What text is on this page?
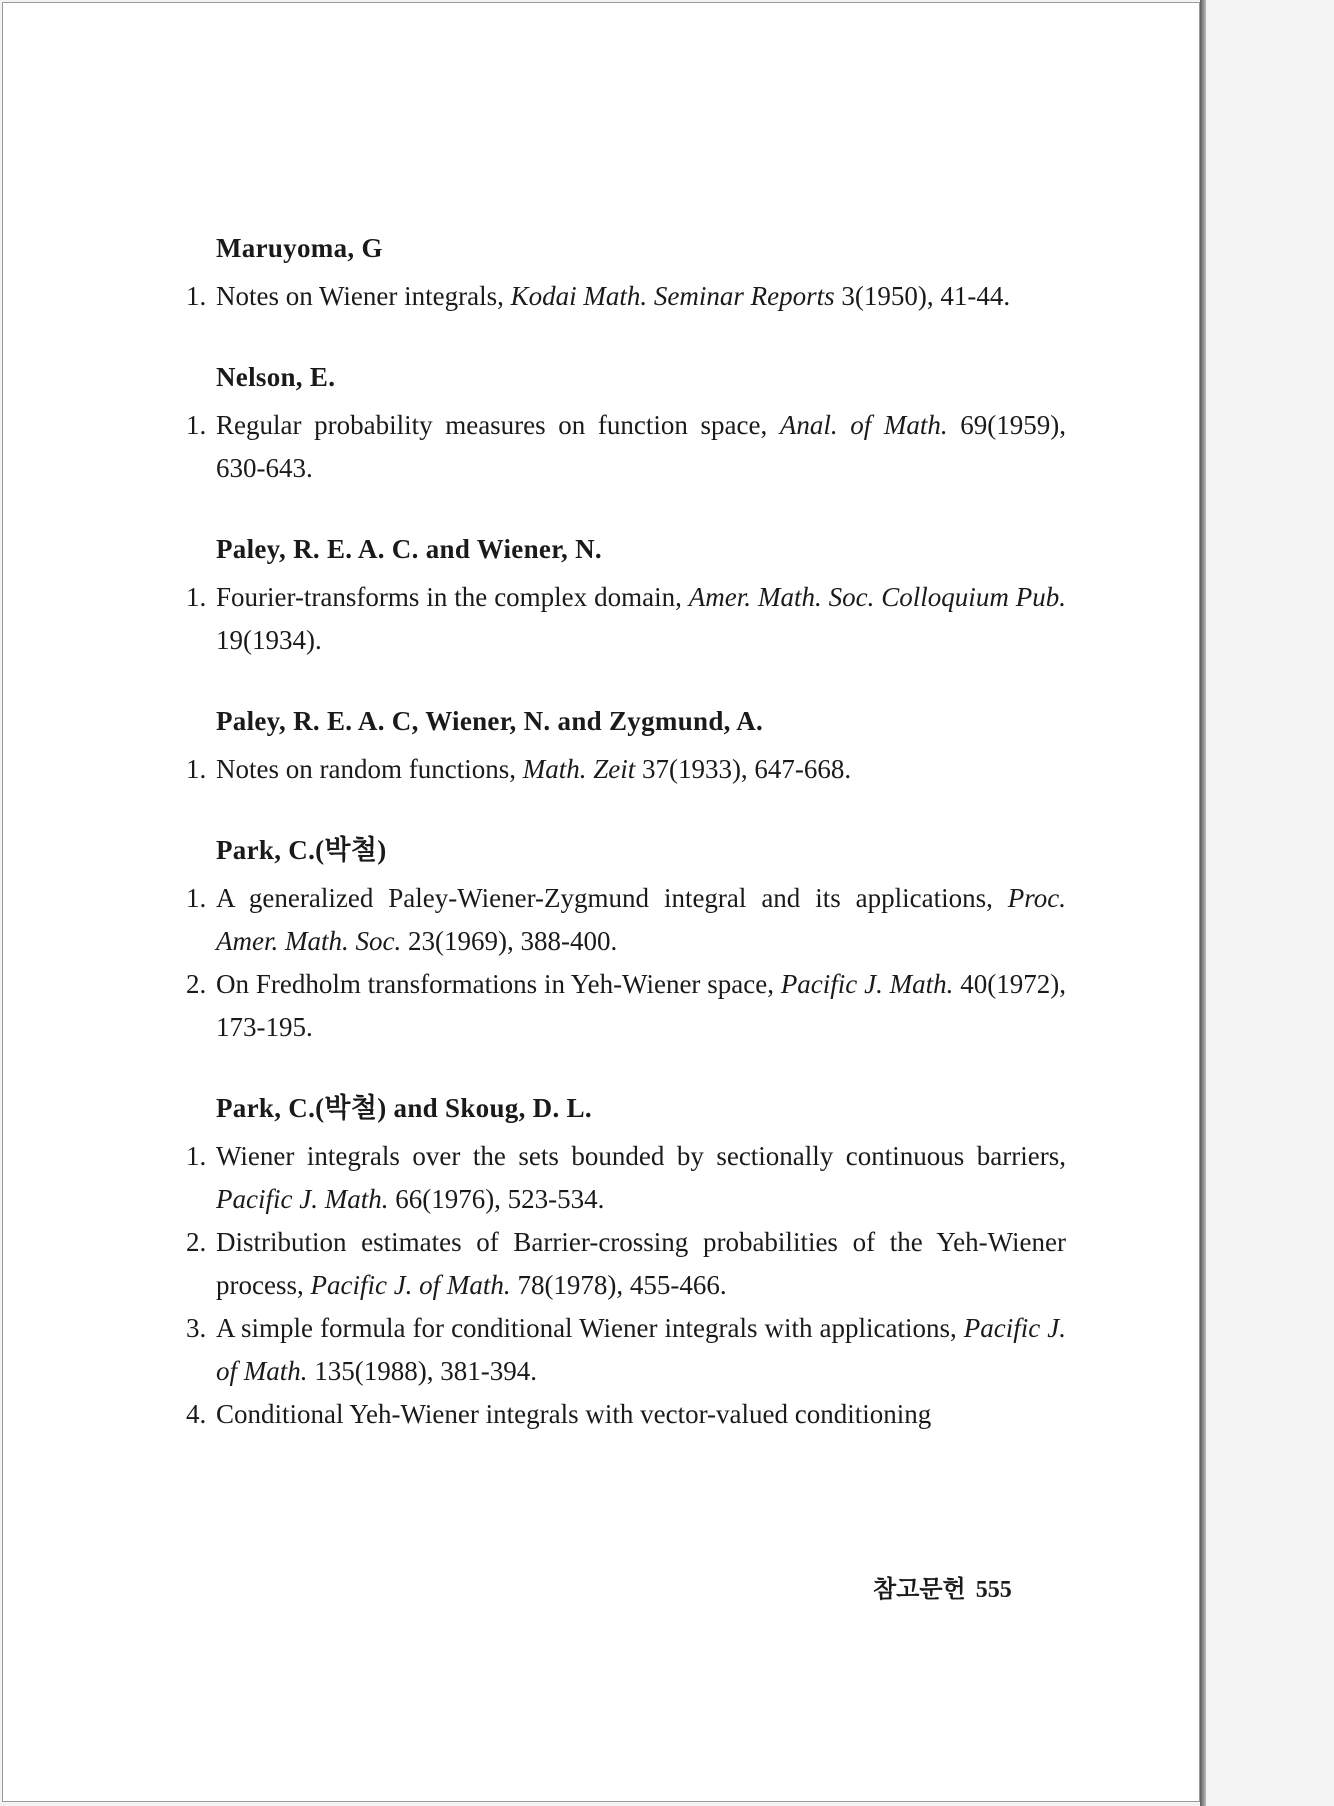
Maruyoma, G
1. Notes on Wiener integrals, Kodai Math. Seminar Reports 3(1950), 41-44.
Nelson, E.
1. Regular probability measures on function space, Anal. of Math. 69(1959), 630-643.
Paley, R. E. A. C. and Wiener, N.
1. Fourier-transforms in the complex domain, Amer. Math. Soc. Colloquium Pub. 19(1934).
Paley, R. E. A. C, Wiener, N. and Zygmund, A.
1. Notes on random functions, Math. Zeit 37(1933), 647-668.
Park, C.(박철)
1. A generalized Paley-Wiener-Zygmund integral and its applications, Proc. Amer. Math. Soc. 23(1969), 388-400.
2. On Fredholm transformations in Yeh-Wiener space, Pacific J. Math. 40(1972), 173-195.
Park, C.(박철) and Skoug, D. L.
1. Wiener integrals over the sets bounded by sectionally continuous barriers, Pacific J. Math. 66(1976), 523-534.
2. Distribution estimates of Barrier-crossing probabilities of the Yeh-Wiener process, Pacific J. of Math. 78(1978), 455-466.
3. A simple formula for conditional Wiener integrals with applications, Pacific J. of Math. 135(1988), 381-394.
4. Conditional Yeh-Wiener integrals with vector-valued conditioning
참고문헌 555
